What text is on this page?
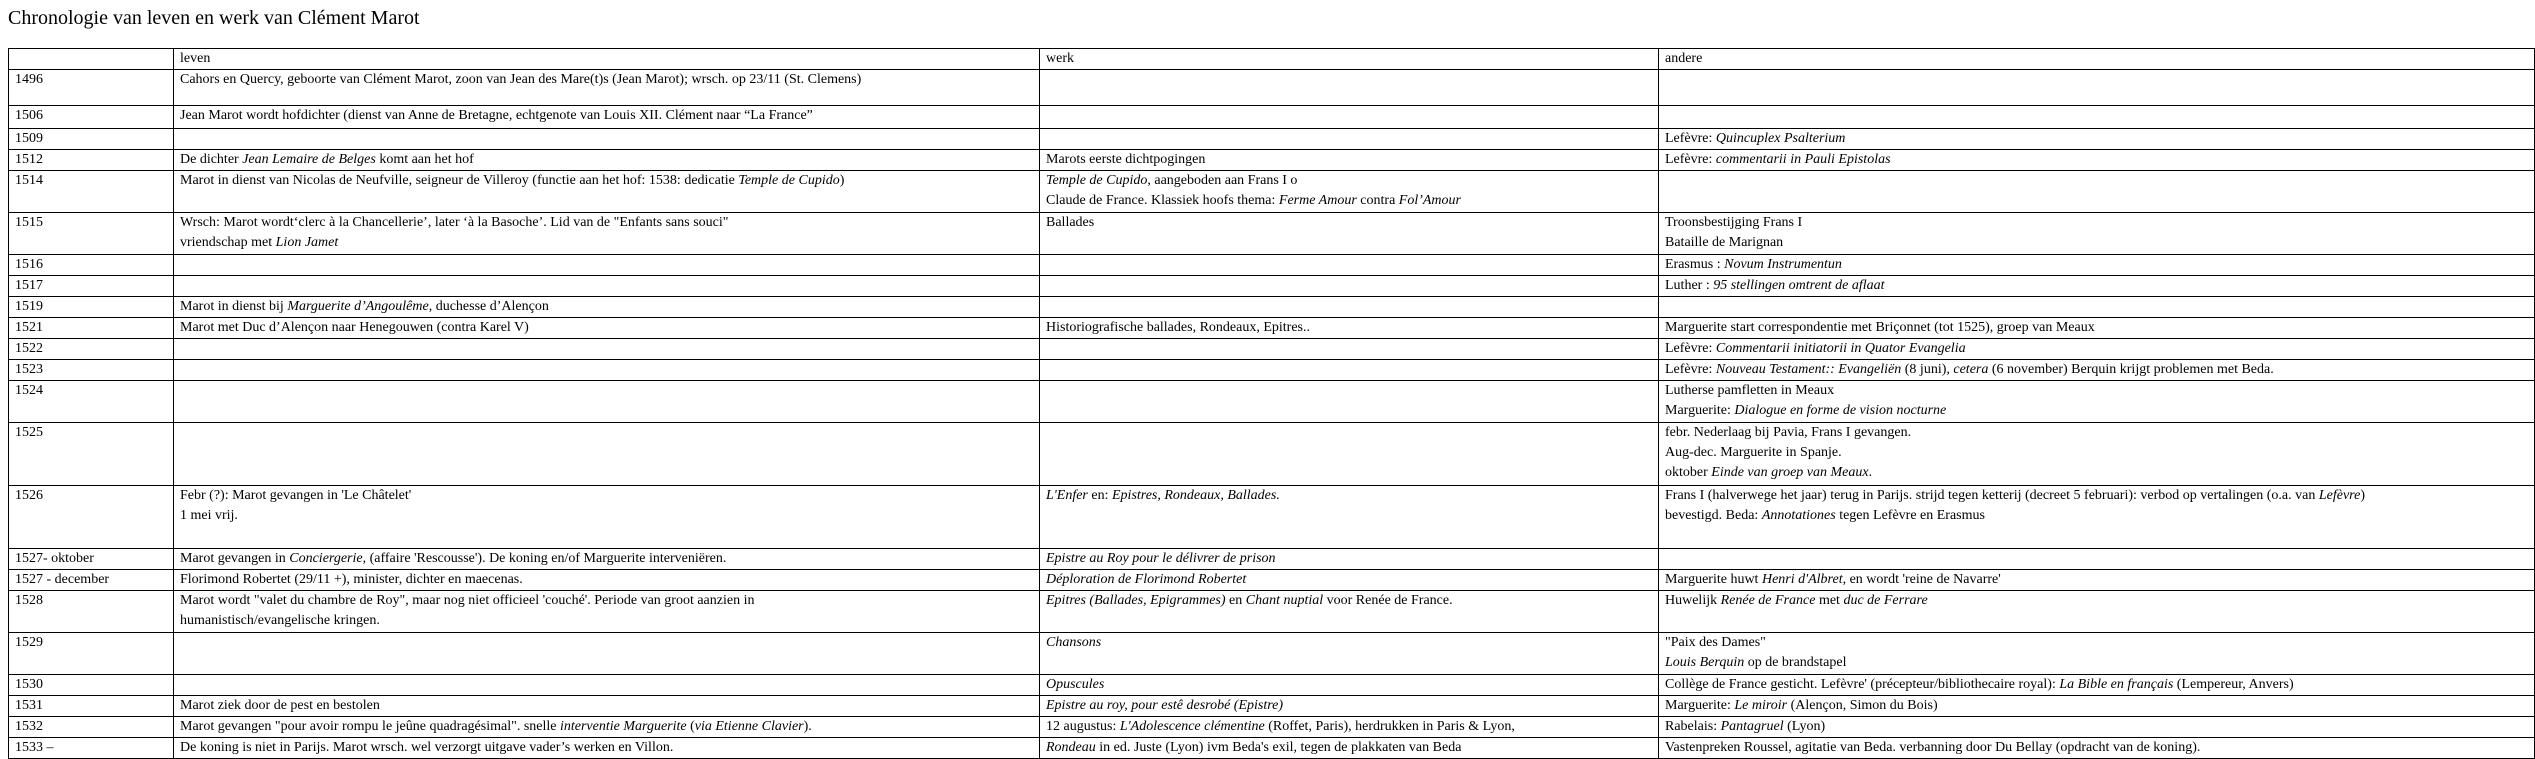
Chronologie van leven en werk van Clément Marot
	leven	werk	andere
1496	Cahors en Quercy, geboorte van Clément Marot, zoon van Jean des Mare(t)s (Jean Marot); wrsch. op 23/11 (St. Clemens)		

1506	Jean Marot wordt hofdichter (dienst van Anne de Bretagne, echtgenote van Louis XII. Clément naar “La France”		

1509			Lefèvre: Quincuplex Psalterium

1512	De dichter Jean Lemaire de Belges komt aan het hof	Marots eerste dichtpogingen	Lefèvre: commentarii in Pauli Epistolas

1514	Marot in dienst van Nicolas de Neufville, seigneur de Villeroy (functie aan het hof: 1538: dedicatie Temple de Cupido)	Temple de Cupido, aangeboden aan Frans I o
Claude de France. Klassiek hoofs thema: Ferme Amour contra Fol’Amour	

1515	Wrsch: Marot wordt‘clerc à la Chancellerie’, later ‘à la Basoche’. Lid van de "Enfants sans souci"
vriendschap met Lion Jamet	Ballades	Troonsbestijging Frans I
Bataille de Marignan

1516			Erasmus : Novum Instrumentun

1517			Luther : 95 stellingen omtrent de aflaat

1519	Marot in dienst bij Marguerite d’Angoulême, duchesse d’Alençon		

1521	Marot met Duc d’Alençon naar Henegouwen (contra Karel V)	Historiografische ballades, Rondeaux, Epitres..	Marguerite start correspondentie met Briçonnet (tot 1525), groep van Meaux

1522			Lefèvre: Commentarii initiatorii in Quator Evangelia

1523			Lefèvre: Nouveau Testament:: Evangeliën (8 juni), cetera (6 november) Berquin krijgt problemen met Beda.

1524			Lutherse pamfletten in Meaux
Marguerite: Dialogue en forme de vision nocturne

1525			febr. Nederlaag bij Pavia, Frans I gevangen.
Aug-dec. Marguerite in Spanje.
oktober Einde van groep van Meaux.

1526	Febr (?): Marot gevangen in 'Le Châtelet'
1 mei vrij.	L'Enfer en: Epistres, Rondeaux, Ballades.	Frans I (halverwege het jaar) terug in Parijs. strijd tegen ketterij (decreet 5 februari): verbod op vertalingen (o.a. van Lefèvre)
bevestigd. Beda: Annotationes tegen Lefèvre en Erasmus

1527- oktober	Marot gevangen in Conciergerie, (affaire 'Rescousse'). De koning en/of Marguerite interveniëren.	Epistre au Roy pour le délivrer de prison	

1527 - december	Florimond Robertet (29/11 +), minister, dichter en maecenas.	Déploration de Florimond Robertet	Marguerite huwt Henri d'Albret, en wordt 'reine de Navarre'

1528	Marot wordt "valet du chambre de Roy", maar nog niet officieel 'couché'. Periode van groot aanzien in
humanistisch/evangelische kringen.	Epitres (Ballades, Epigrammes) en Chant nuptial voor Renée de France.	Huwelijk Renée de France met duc de Ferrare

1529		Chansons	"Paix des Dames"
Louis Berquin op de brandstapel

1530		Opuscules	Collège de France gesticht. Lefèvre' (précepteur/bibliothecaire royal): La Bible en français (Lempereur, Anvers)

1531	Marot ziek door de pest en bestolen	Epistre au roy, pour estê desrobé (Epistre)	Marguerite: Le miroir (Alençon, Simon du Bois)

1532	Marot gevangen "pour avoir rompu le jeûne quadragésimal". snelle interventie Marguerite (via Etienne Clavier).	12 augustus: L'Adolescence clémentine (Roffet, Paris), herdrukken in Paris & Lyon,	Rabelais: Pantagruel (Lyon)

1533 –	De koning is niet in Parijs. Marot wrsch. wel verzorgt uitgave vader’s werken en Villon.	Rondeau in ed. Juste (Lyon) ivm Beda's exil, tegen de plakkaten van Beda	Vastenpreken Roussel, agitatie van Beda. verbanning door Du Bellay (opdracht van de koning).
